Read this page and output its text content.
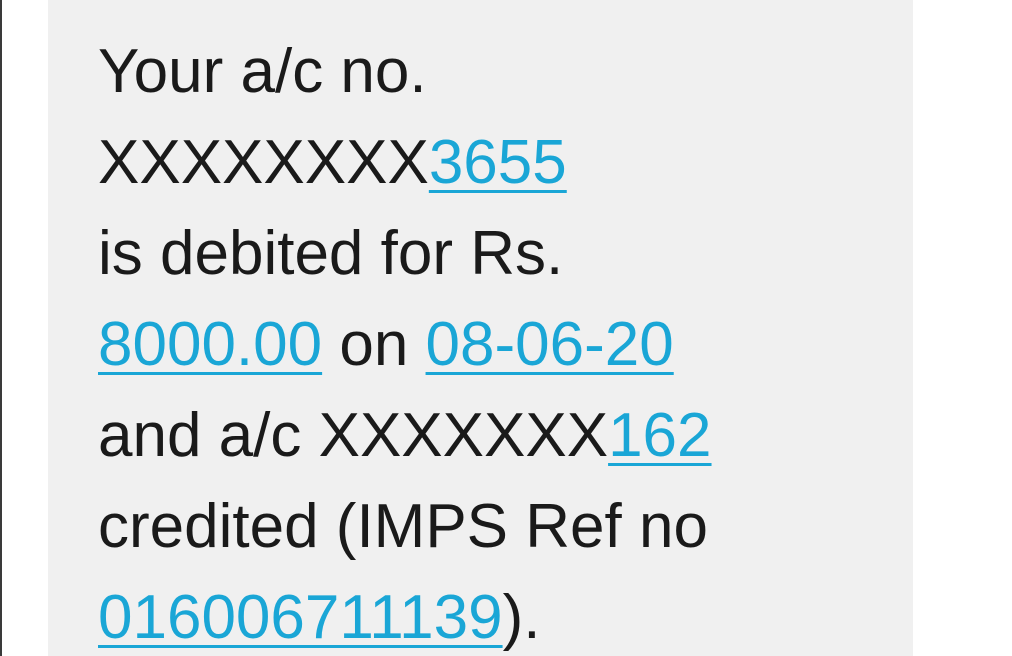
Your a/c no.
XXXXXXXX3655
is debited for Rs.
8000.00 on 08-06-20
and a/c XXXXXXX162
credited (IMPS Ref no
016006711139).
